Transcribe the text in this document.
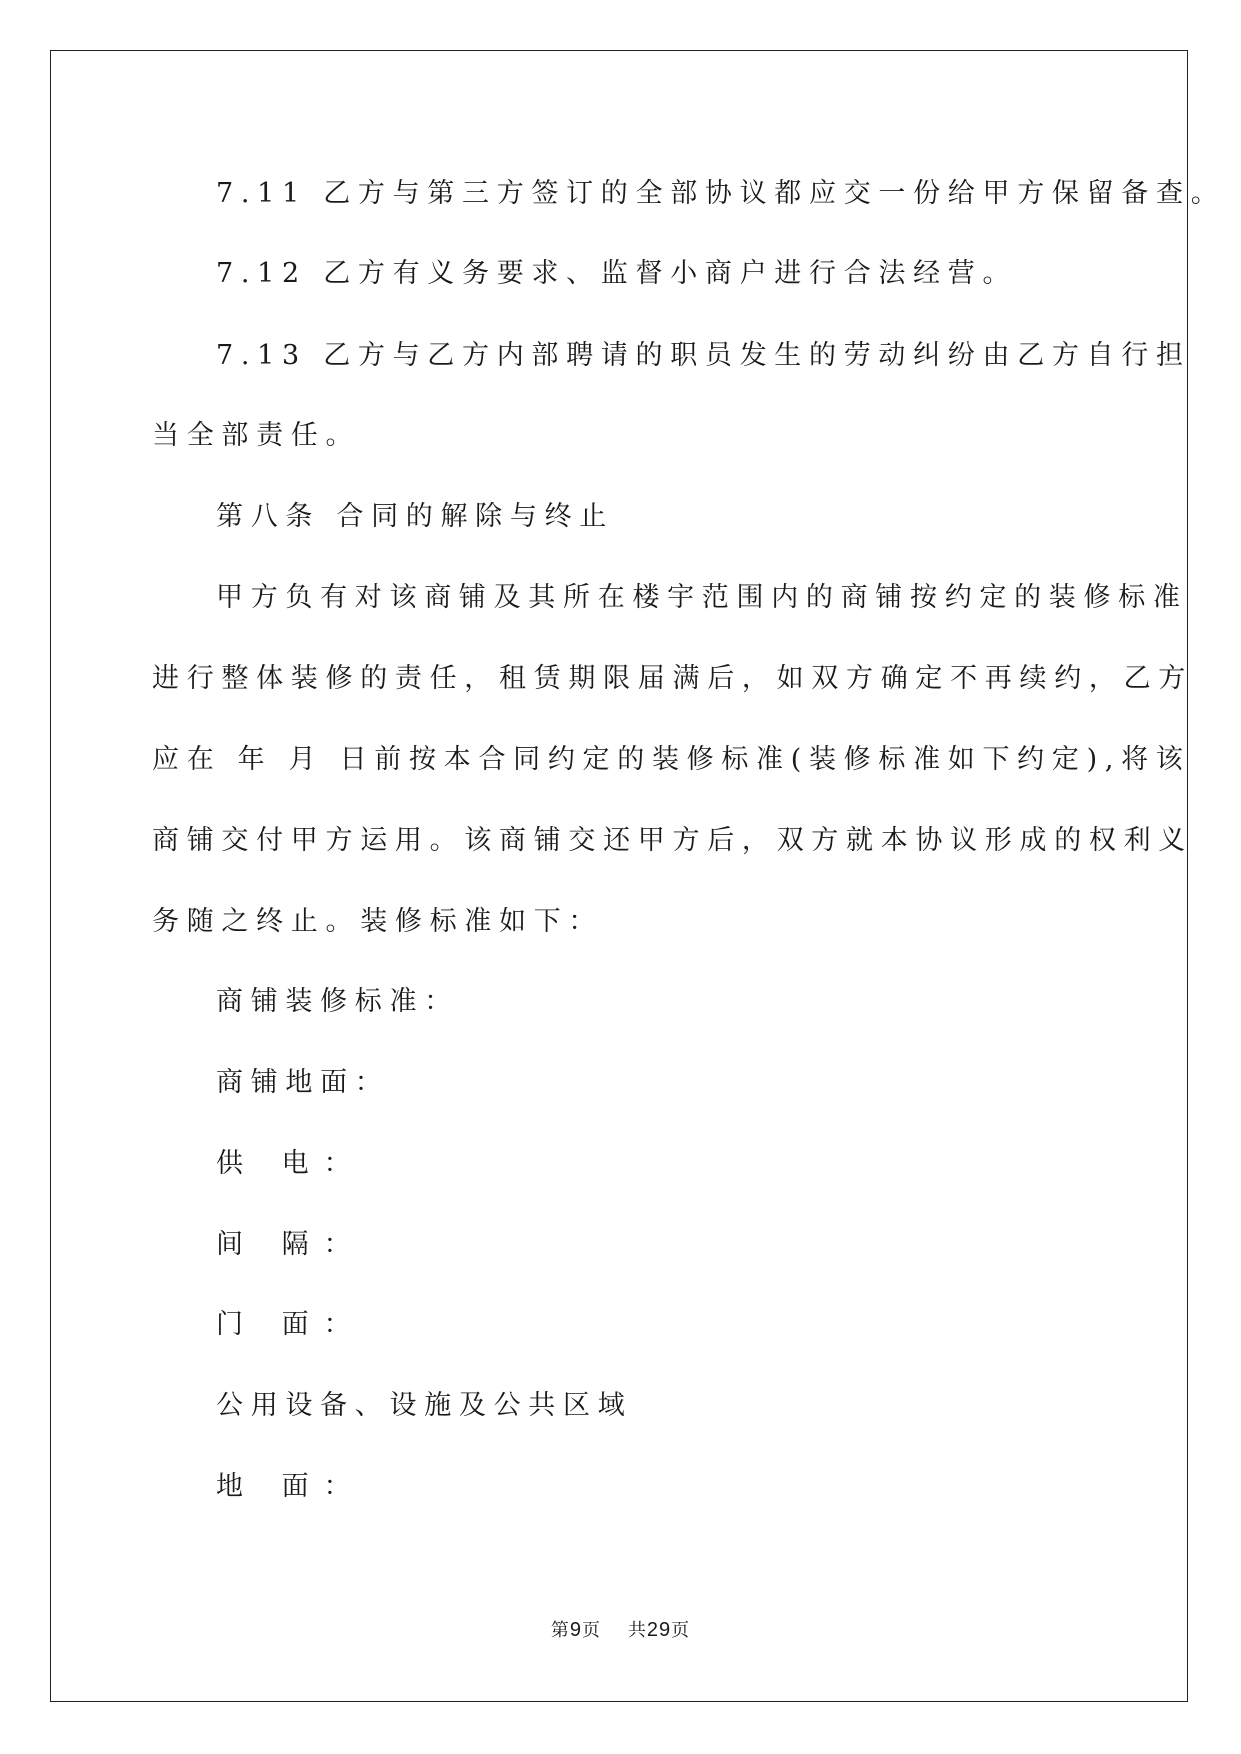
7.11 乙方与第三方签订的全部协议都应交一份给甲方保留备查。

7.12 乙方有义务要求、监督小商户进行合法经营。

7.13 乙方与乙方内部聘请的职员发生的劳动纠纷由乙方自行担

当全部责任。

第八条 合同的解除与终止

甲方负有对该商铺及其所在楼宇范围内的商铺按约定的装修标准

进行整体装修的责任，租赁期限届满后，如双方确定不再续约，乙方

应在 年 月 日前按本合同约定的装修标准(装修标准如下约定),将该

商铺交付甲方运用。该商铺交还甲方后，双方就本协议形成的权利义

务随之终止。装修标准如下：

商铺装修标准：

商铺地面：

供 电：

间 隔：

门 面：

公用设备、设施及公共区域

地 面：

第9页 共29页
